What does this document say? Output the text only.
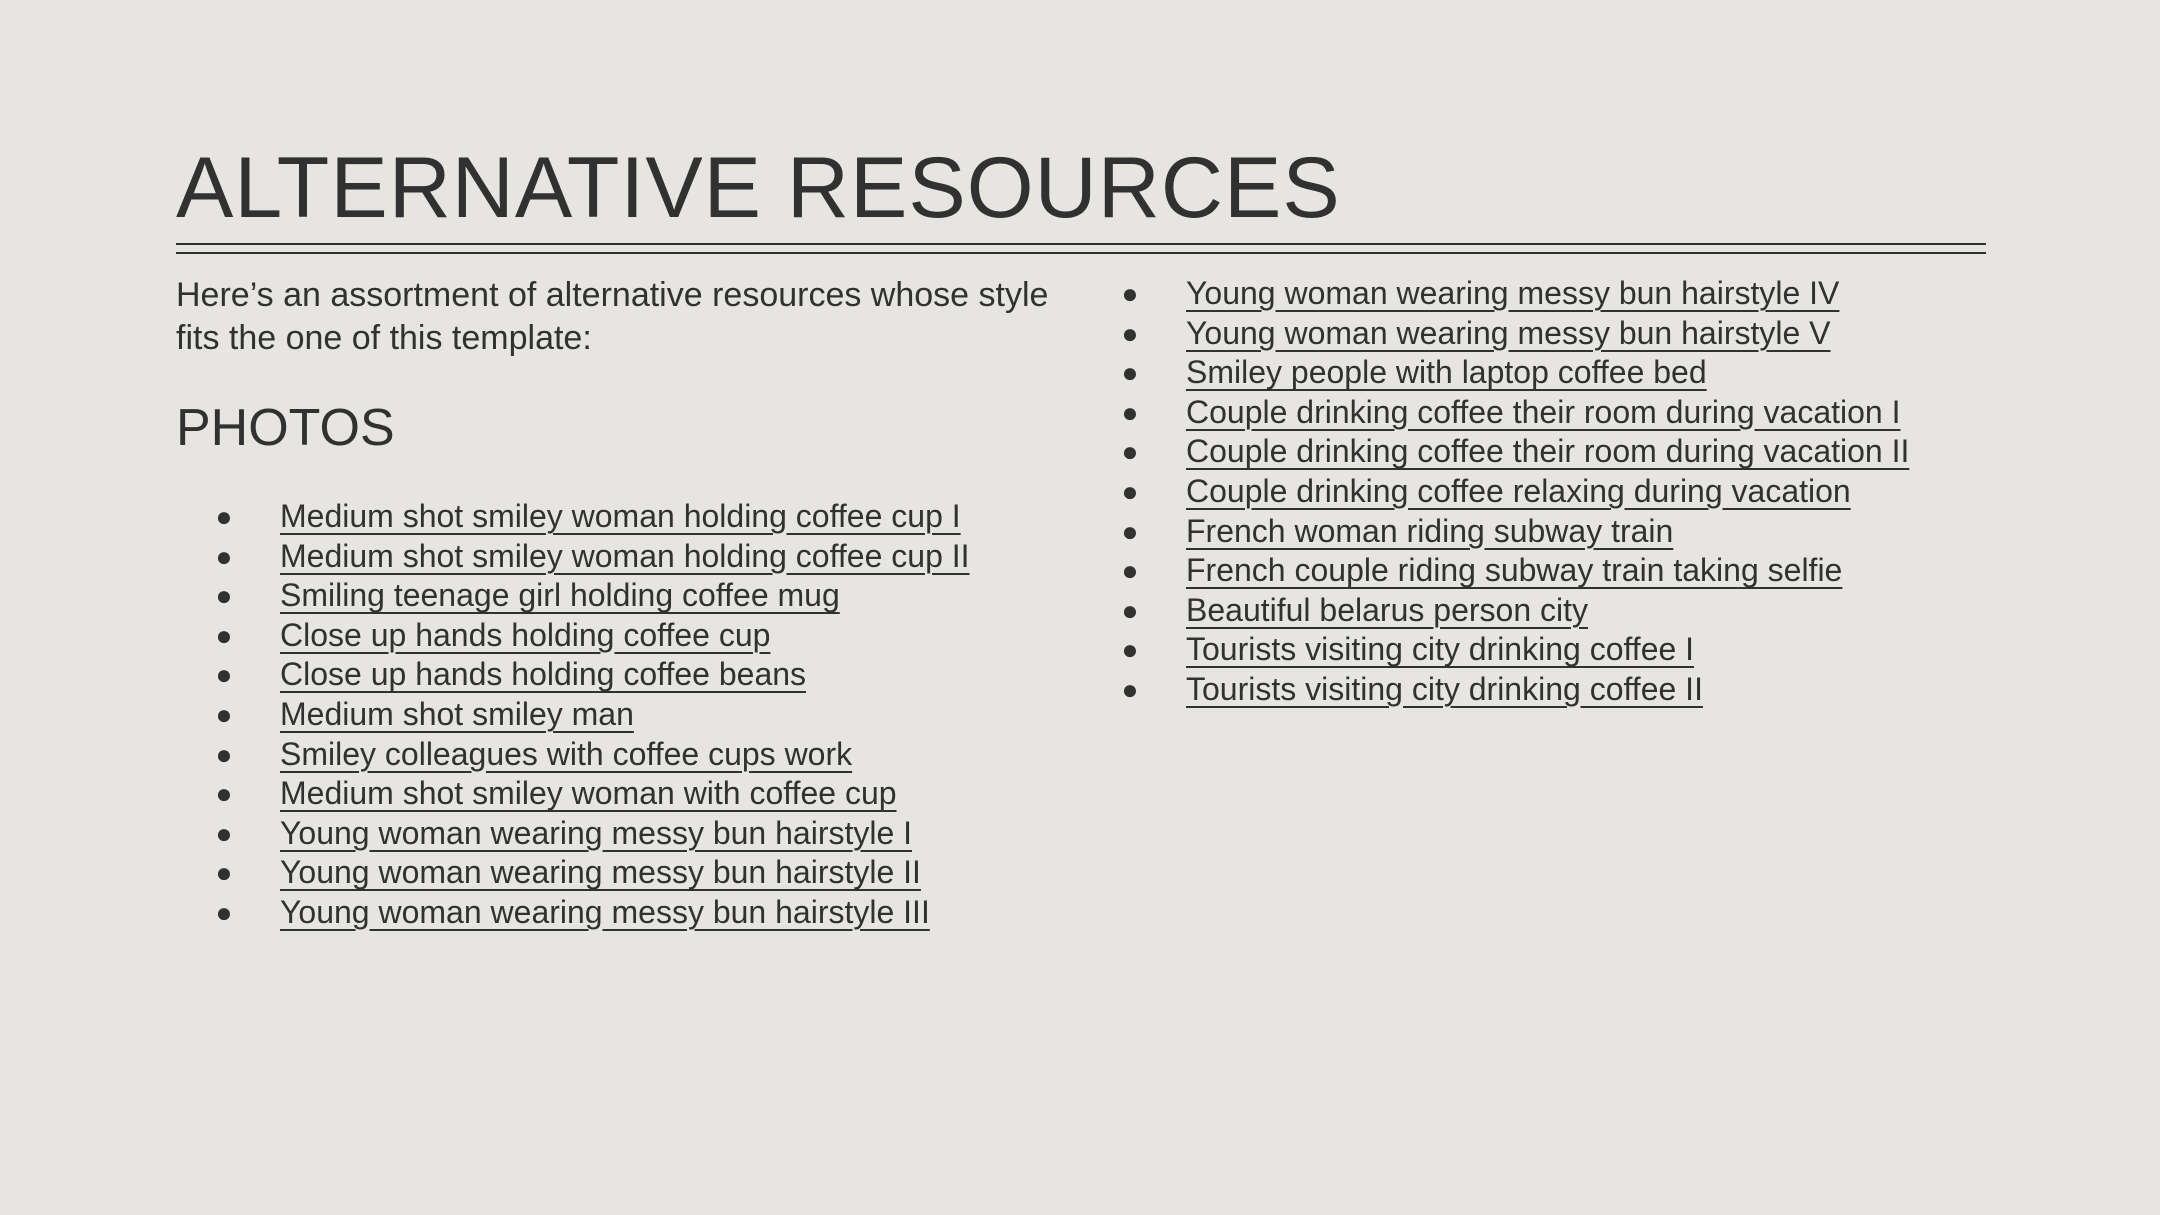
ALTERNATIVE RESOURCES

Here’s an assortment of alternative resources whose style fits the one of this template:

PHOTOS
● Medium shot smiley woman holding coffee cup I
● Medium shot smiley woman holding coffee cup II
● Smiling teenage girl holding coffee mug
● Close up hands holding coffee cup
● Close up hands holding coffee beans
● Medium shot smiley man
● Smiley colleagues with coffee cups work
● Medium shot smiley woman with coffee cup
● Young woman wearing messy bun hairstyle I
● Young woman wearing messy bun hairstyle II
● Young woman wearing messy bun hairstyle III
● Young woman wearing messy bun hairstyle IV
● Young woman wearing messy bun hairstyle V
● Smiley people with laptop coffee bed
● Couple drinking coffee their room during vacation I
● Couple drinking coffee their room during vacation II
● Couple drinking coffee relaxing during vacation
● French woman riding subway train
● French couple riding subway train taking selfie
● Beautiful belarus person city
● Tourists visiting city drinking coffee I
● Tourists visiting city drinking coffee II
